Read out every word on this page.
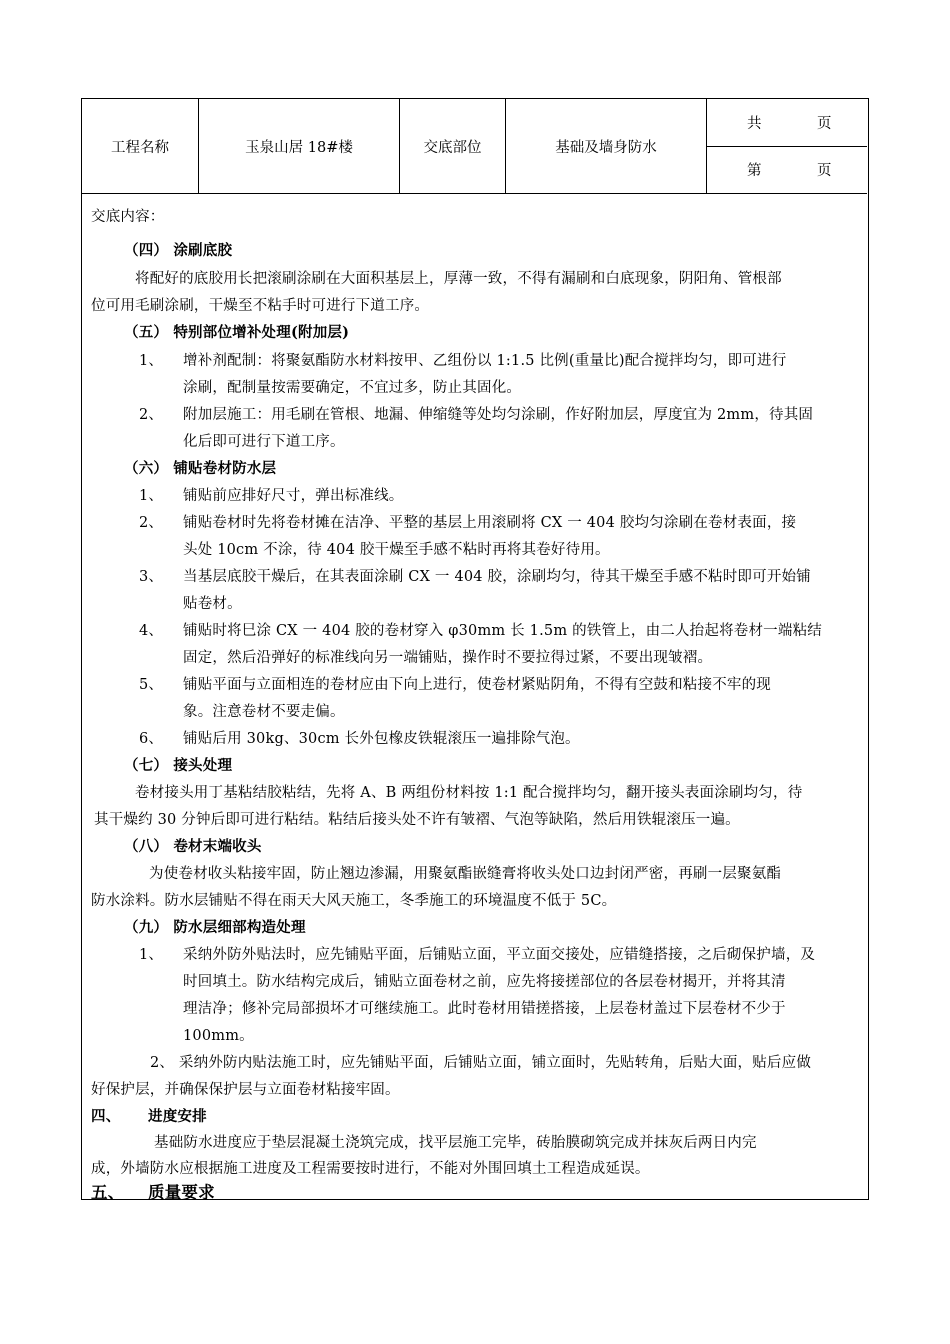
工程名称	玉泉山居 18#楼	交底部位	基础及墙身防水
共	页
第	页
交底内容：
（四） 涂刷底胶
将配好的底胶用长把滚刷涂刷在大面积基层上，厚薄一致，不得有漏刷和白底现象，阴阳角、管根部
位可用毛刷涂刷，干燥至不粘手时可进行下道工序。
（五） 特别部位增补处理(附加层)
1、 增补剂配制：将聚氨酯防水材料按甲、乙组份以 1:1.5 比例(重量比)配合搅拌均匀，即可进行
涂刷，配制量按需要确定，不宜过多，防止其固化。
2、 附加层施工：用毛刷在管根、地漏、伸缩缝等处均匀涂刷，作好附加层，厚度宜为 2mm，待其固
化后即可进行下道工序。
（六） 铺贴卷材防水层
1、 铺贴前应排好尺寸，弹出标准线。
2、 铺贴卷材时先将卷材摊在洁净、平整的基层上用滚刷将 CX 一 404 胶均匀涂刷在卷材表面，接
头处 10cm 不涂，待 404 胶干燥至手感不粘时再将其卷好待用。
3、 当基层底胶干燥后，在其表面涂刷 CX 一 404 胶，涂刷均匀，待其干燥至手感不粘时即可开始铺
贴卷材。
4、 铺贴时将巳涂 CX 一 404 胶的卷材穿入 φ30mm 长 1.5m 的铁管上，由二人抬起将卷材一端粘结
固定，然后沿弹好的标准线向另一端铺贴，操作时不要拉得过紧，不要出现皱褶。
5、 铺贴平面与立面相连的卷材应由下向上进行，使卷材紧贴阴角，不得有空鼓和粘接不牢的现
象。注意卷材不要走偏。
6、 铺贴后用 30kg、30cm 长外包橡皮铁辊滚压一遍排除气泡。
（七） 接头处理
卷材接头用丁基粘结胶粘结，先将 A、B 两组份材料按 1:1 配合搅拌均匀，翻开接头表面涂刷均匀，待
其干燥约 30 分钟后即可进行粘结。粘结后接头处不许有皱褶、气泡等缺陷，然后用铁辊滚压一遍。
（八） 卷材末端收头
为使卷材收头粘接牢固，防止翘边渗漏，用聚氨酯嵌缝膏将收头处口边封闭严密，再刷一层聚氨酯
防水涂料。防水层铺贴不得在雨天大风天施工，冬季施工的环境温度不低于 5C。
（九） 防水层细部构造处理
1、 采纳外防外贴法时，应先铺贴平面，后铺贴立面，平立面交接处，应错缝搭接，之后砌保护墙，及
时回填土。防水结构完成后，铺贴立面卷材之前，应先将接搓部位的各层卷材揭开，并将其清
理洁净；修补完局部损坏才可继续施工。此时卷材用错搓搭接，上层卷材盖过下层卷材不少于
100mm。
2、 采纳外防内贴法施工时，应先铺贴平面，后铺贴立面，铺立面时，先贴转角，后贴大面，贴后应做
好保护层，并确保保护层与立面卷材粘接牢固。
四、 进度安排
基础防水进度应于垫层混凝土浇筑完成，找平层施工完毕，砖胎膜砌筑完成并抹灰后两日内完
成，外墙防水应根据施工进度及工程需要按时进行，不能对外围回填土工程造成延误。
五、 质量要求
